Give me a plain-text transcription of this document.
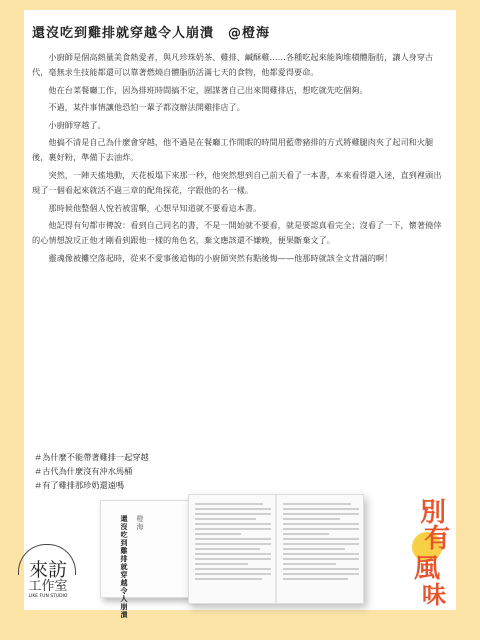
還沒吃到雞排就穿越令人崩潰 @橙海

小廚師是個高熱量美食熱愛者，與凡珍珠奶茶、雞排、鹹酥雞……各種吃起來能夠堆積體脂肪，讓人身穿古代，毫無求生技能都還可以靠著燃燒自體脂肪活滿七天的食物，他都愛得要命。

他在台菜餐廳工作，因為排班時間搞不定，圍謀著自己出來開雞排店，想吃就先吃個夠。

不過，某件事情讓他恐怕一輩子都沒辦法開雞排店了。

小廚師穿越了。

他搞不清是自己為什麼會穿越，他不過是在餐廳工作閒暇的時間用藍帶豬排的方式將雞腿肉夾了起司和火腿後，裹好粉，準備下去油炸。

突然，一陣天搖地動，天花板塌下來那一秒，他突然想到自己前天看了一本書，本來看得還入迷，直到裡頭出現了一個看起來就活不過三章的配角探花，字跟他的名一樣。

那時候他整個人悅若被雷擊，心想早知道就不要看這本書。

他記得有句都市傳說：看到自己同名的書，不是一開始就不要看，就是要認真看完全；沒看了一下，懷著僥倖的心情想說反正他才剛看到跟他一樣的角色名，棄文應該還不嫌晚，便果斷棄文了。

靈魂像被攤空落起時，從來不愛事後追悔的小廚師突然有點後悔——他那時就該全文背誦的啊！

＃為什麼不能帶著雞排一起穿越
＃古代為什麼沒有沖水馬桶
＃有了雞排那珍奶還遠嗎
還沒吃到雞排就穿越令人崩潰 橙海
來訪
工作室
LIKE FUN STUDIO
別
有
風
味
